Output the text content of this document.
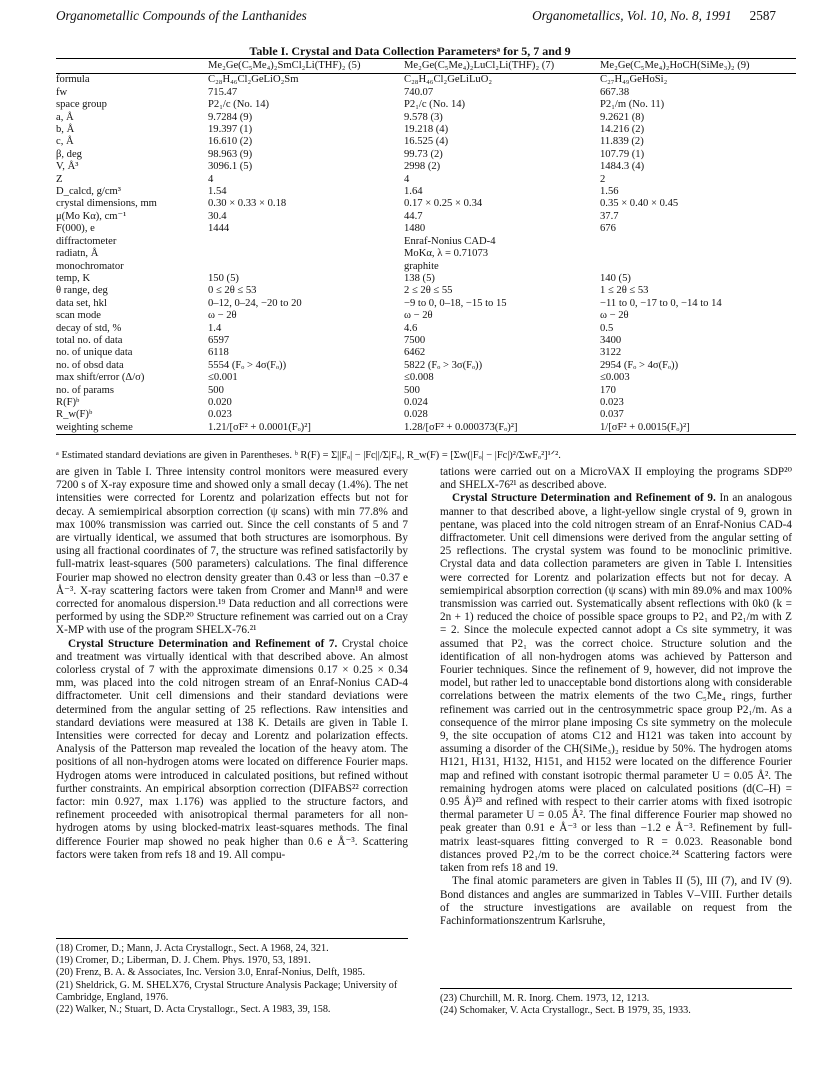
Organometallic Compounds of the Lanthanides	Organometallics, Vol. 10, No. 8, 1991 2587
Table I. Crystal and Data Collection Parametersᵃ for 5, 7 and 9
	Me₂Ge(C₅Me₄)₂SmCl₂Li(THF)₂ (5)	Me₂Ge(C₅Me₄)₂LuCl₂Li(THF)₂ (7)	Me₂Ge(C₅Me₄)₂HoCH(SiMe₃)₂ (9)
formula	C₂₈H₄₆Cl₂GeLiO₂Sm	C₂₈H₄₆Cl₂GeLiLuO₂	C₂₇H₄₉GeHoSi₂
fw	715.47	740.07	667.38
space group	P2₁/c (No. 14)	P2₁/c (No. 14)	P2₁/m (No. 11)
a, Å	9.7284 (9)	9.578 (3)	9.2621 (8)
b, Å	19.397 (1)	19.218 (4)	14.216 (2)
c, Å	16.610 (2)	16.525 (4)	11.839 (2)
β, deg	98.963 (9)	99.73 (2)	107.79 (1)
V, Å³	3096.1 (5)	2998 (2)	1484.3 (4)
Z	4	4	2
D_calcd, g/cm³	1.54	1.64	1.56
crystal dimensions, mm	0.30 × 0.33 × 0.18	0.17 × 0.25 × 0.34	0.35 × 0.40 × 0.45
μ(Mo Kα), cm⁻¹	30.4	44.7	37.7
F(000), e	1444	1480	676
diffractometer		Enraf-Nonius CAD-4	
radiatn, Å		MoKα, λ = 0.71073	
monochromator		graphite	
temp, K	150 (5)	138 (5)	140 (5)
θ range, deg	0 ≤ 2θ ≤ 53	2 ≤ 2θ ≤ 55	1 ≤ 2θ ≤ 53
data set, hkl	0–12, 0–24, −20 to 20	−9 to 0, 0–18, −15 to 15	−11 to 0, −17 to 0, −14 to 14
scan mode	ω − 2θ	ω − 2θ	ω − 2θ
decay of std, %	1.4	4.6	0.5
total no. of data	6597	7500	3400
no. of unique data	6118	6462	3122
no. of obsd data	5554 (Fₒ > 4σ(Fₒ))	5822 (Fₒ > 3σ(Fₒ))	2954 (Fₒ > 4σ(Fₒ))
max shift/error (Δ/σ)	≤0.001	≤0.008	≤0.003
no. of params	500	500	170
R(F)ᵇ	0.020	0.024	0.023
R_w(F)ᵇ	0.023	0.028	0.037
weighting scheme	1.21/[σF² + 0.0001(Fₒ)²]	1.28/[σF² + 0.000373(Fₒ)²]	1/[σF² + 0.0015(Fₒ)²]
ᵃ Estimated standard deviations are given in Parentheses. ᵇ R(F) = Σ||Fₒ| − |Fc||/Σ|Fₒ|, R_w(F) = [Σw(|Fₒ| − |Fc|)²/ΣwFₒ²]¹ᐟ².

are given in Table I. Three intensity control monitors were measured every 7200 s of X-ray exposure time and showed only a small decay (1.4%). The net intensities were corrected for Lorentz and polarization effects but not for decay. A semiempirical absorption correction (ψ scans) with min 77.8% and max 100% transmission was carried out. Since the cell constants of 5 and 7 are virtually identical, we assumed that both structures are isomorphous. By using all fractional coordinates of 7, the structure was refined satisfactorily by full-matrix least-squares (500 parameters) calculations. The final difference Fourier map showed no electron density greater than 0.43 or less than −0.37 e Å⁻³. X-ray scattering factors were taken from Cromer and Mann¹⁸ and were corrected for anomalous dispersion.¹⁹ Data reduction and all corrections were performed by using the SDP.²⁰ Structure refinement was carried out on a Cray X-MP with use of the program SHELX-76.²¹

Crystal Structure Determination and Refinement of 7. Crystal choice and treatment was virtually identical with that described above. An almost colorless crystal of 7 with the approximate dimensions 0.17 × 0.25 × 0.34 mm, was placed into the cold nitrogen stream of an Enraf-Nonius CAD-4 diffractometer. Unit cell dimensions and their standard deviations were determined from the angular setting of 25 reflections. Raw intensities and standard deviations were measured at 138 K. Details are given in Table I. Intensities were corrected for decay and Lorentz and polarization effects. Analysis of the Patterson map revealed the location of the heavy atom. The positions of all non-hydrogen atoms were located on difference Fourier maps. Hydrogen atoms were introduced in calculated positions, but refined without further constraints. An empirical absorption correction (DIFABS²² correction factor: min 0.927, max 1.176) was applied to the structure factors, and refinement proceeded with anisotropical thermal parameters for all non-hydrogen atoms by using blocked-matrix least-squares methods. The final difference Fourier map showed no peak higher than 0.6 e Å⁻³. Scattering factors were taken from refs 18 and 19. All compu-

tations were carried out on a MicroVAX II employing the programs SDP²⁰ and SHELX-76²¹ as described above.

Crystal Structure Determination and Refinement of 9. In an analogous manner to that described above, a light-yellow single crystal of 9, grown in pentane, was placed into the cold nitrogen stream of an Enraf-Nonius CAD-4 diffractometer. Unit cell dimensions were derived from the angular setting of 25 reflections. The crystal system was found to be monoclinic primitive. Crystal data and data collection parameters are given in Table I. Intensities were corrected for Lorentz and polarization effects but not for decay. A semiempirical absorption correction (ψ scans) with min 89.0% and max 100% transmission was carried out. Systematically absent reflections with 0k0 (k = 2n + 1) reduced the choice of possible space groups to P2₁ and P2₁/m with Z = 2. Since the molecule expected cannot adopt a Cs site symmetry, it was assumed that P2₁ was the correct choice. Structure solution and the identification of all non-hydrogen atoms was achieved by Patterson and Fourier techniques. Since the refinement of 9, however, did not improve the model, but rather led to unacceptable bond distortions along with considerable correlations between the matrix elements of the two C₅Me₄ rings, further refinement was carried out in the centrosymmetric space group P2₁/m. As a consequence of the mirror plane imposing Cs site symmetry on the molecule 9, the site occupation of atoms C12 and H121 was taken into account by assuming a disorder of the CH(SiMe₃)₂ residue by 50%. The hydrogen atoms H121, H131, H132, H151, and H152 were located on the difference Fourier map and refined with constant isotropic thermal parameter U = 0.05 Å². The remaining hydrogen atoms were placed on calculated positions (d(C–H) = 0.95 Å)²³ and refined with respect to their carrier atoms with fixed isotropic thermal parameter U = 0.05 Å². The final difference Fourier map showed no peak greater than 0.91 e Å⁻³ or less than −1.2 e Å⁻³. Refinement by full-matrix least-squares fitting converged to R = 0.023. Reasonable bond distances proved P2₁/m to be the correct choice.²⁴ Scattering factors were taken from refs 18 and 19.

The final atomic parameters are given in Tables II (5), III (7), and IV (9). Bond distances and angles are summarized in Tables V–VIII. Further details of the structure investigations are available on request from the Fachinformationszentrum Karlsruhe,

(18) Cromer, D.; Mann, J. Acta Crystallogr., Sect. A 1968, 24, 321.
(19) Cromer, D.; Liberman, D. J. Chem. Phys. 1970, 53, 1891.
(20) Frenz, B. A. & Associates, Inc. Version 3.0, Enraf-Nonius, Delft, 1985.
(21) Sheldrick, G. M. SHELX76, Crystal Structure Analysis Package; University of Cambridge, England, 1976.
(22) Walker, N.; Stuart, D. Acta Crystallogr., Sect. A 1983, 39, 158.
(23) Churchill, M. R. Inorg. Chem. 1973, 12, 1213.
(24) Schomaker, V. Acta Crystallogr., Sect. B 1979, 35, 1933.
